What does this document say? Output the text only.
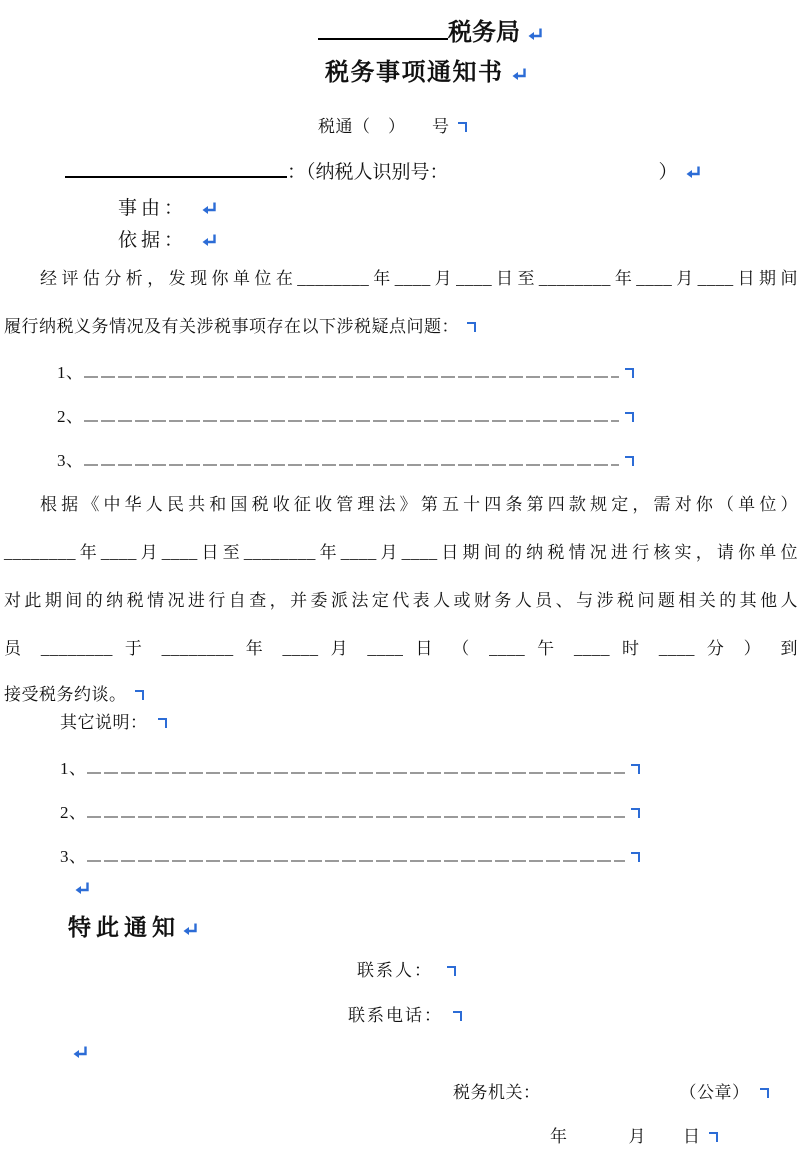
税务局
税务事项通知书
税通（　）　　号
：（纳税人识别号：	）
事由：
依据：
经评估分析，发现你单位在________年____月____日至________年____月____日期间
履行纳税义务情况及有关涉税事项存在以下涉税疑点问题：
1、
2、
3、
根据《中华人民共和国税收征收管理法》第五十四条第四款规定，需对你（单位）
________年____月____日至________年____月____日期间的纳税情况进行核实，请你单位
对此期间的纳税情况进行自查，并委派法定代表人或财务人员、与涉税问题相关的其他人
员 ________ 于 ________ 年 ____ 月 ____ 日 （ ____ 午 ____ 时 ____ 分 ） 到
接受税务约谈。
其它说明：
1、
2、
3、
特此通知
联系人：
联系电话：
税务机关：	（公章）
年	月 日
